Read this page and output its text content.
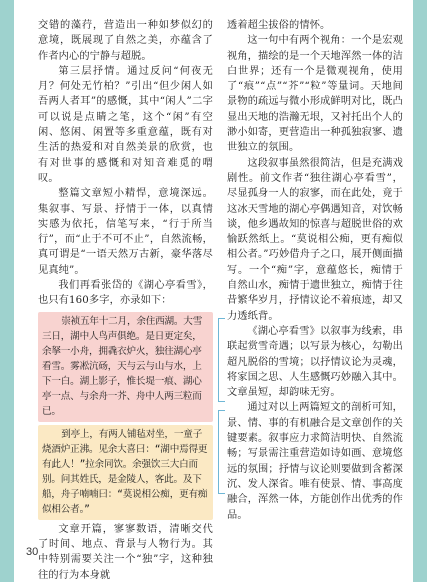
交错的藻荇，营造出一种如梦似幻的意境，既展现了自然之美，亦蕴含了作者内心的宁静与超脱。

第三层抒情。通过反问“何夜无月？何处无竹柏？”引出“但少闲人如吾两人者耳”的感慨，其中“闲人”二字可以说是点睛之笔，这个“闲”有空闲、悠闲、闲置等多重意蕴，既有对生活的热爱和对自然美景的欣赏，也有对世事的感慨和对知音难觅的喟叹。

整篇文章短小精悍，意境深远。集叙事、写景、抒情于一体，以真情实感为依托，信笔写来，“行于所当行”，而“止于不可不止”，自然流畅，真可谓是“一语天然万古新，豪华落尽见真纯”。

我们再看张岱的《湖心亭看雪》，也只有160多字，亦录如下：

崇祯五年十二月，余住西湖。大雪三日，湖中人鸟声俱绝。是日更定矣，余拏一小舟，拥毳衣炉火，独往湖心亭看雪。雾凇沆砀，天与云与山与水，上下一白。湖上影子，惟长堤一痕、湖心亭一点、与余舟一芥、舟中人两三粒而已。

到亭上，有两人铺毡对坐，一童子烧酒炉正沸。见余大喜曰：“湖中焉得更有此人！”拉余同饮。余强饮三大白而别。问其姓氏，是金陵人，客此。及下船，舟子喃喃曰：“莫说相公痴，更有痴似相公者。”

文章开篇，寥寥数语，清晰交代了时间、地点、背景与人物行为。其中特别需要关注一个“独”字，这种独往的行为本身就

透着超尘拔俗的情怀。

这一句中有两个视角：一个是宏观视角，描绘的是一个天地浑然一体的洁白世界；还有一个是微观视角，使用了“痕”“点”“芥”“粒”等量词。天地间景物的疏远与微小形成鲜明对比，既凸显出天地的浩瀚无垠，又衬托出个人的渺小如寄，更营造出一种孤独寂寥、遗世独立的氛围。

这段叙事虽然很简洁，但是充满戏剧性。前文作者“独往湖心亭看雪”，尽显孤身一人的寂寥，而在此处，竟于这冰天雪地的湖心亭偶遇知音，对饮畅谈，他乡遇故知的惊喜与超脱世俗的欢愉跃然纸上。“莫说相公痴，更有痴似相公者。”巧妙借舟子之口，展开侧面描写。一个“痴”字，意蕴悠长，痴情于自然山水，痴情于遗世独立，痴情于往昔繁华岁月，抒情议论不着痕迹，却又力透纸背。

《湖心亭看雪》以叙事为线索，串联起赏雪奇遇；以写景为核心，勾勒出超凡脱俗的雪境；以抒情议论为灵魂，将家国之思、人生感慨巧妙融入其中。文章虽短，却韵味无穷。

通过对以上两篇短文的剖析可知，景、情、事的有机融合是文章创作的关键要素。叙事应力求简洁明快、自然流畅；写景需注重营造如诗如画、意境悠远的氛围；抒情与议论则要做到含蓄深沉、发人深省。唯有使景、情、事高度融合，浑然一体，方能创作出优秀的作品。

30
